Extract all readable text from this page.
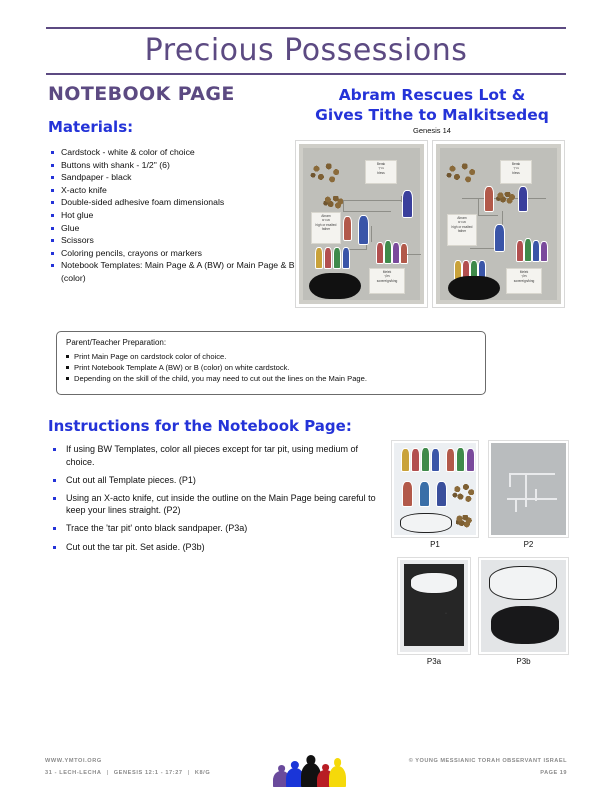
Precious Possessions
NOTEBOOK PAGE
Materials:
Cardstock - white & color of choice
Buttons with shank - 1/2" (6)
Sandpaper - black
X-acto knife
Double-sided adhesive foam dimensionals
Hot glue
Glue
Scissors
Coloring pencils, crayons or markers
Notebook Templates: Main Page & A (BW) or Main Page & B (color)
Abram Rescues Lot &
Gives Tithe to Malkitsedeq
Genesis 14
Berak
ברך
bless
Abram
אברם
high or exalted father
Melek
מלך
sovereign/king
Berak
ברך
bless
Abram
אברם
high or exalted father
Melek
מלך
sovereign/king
Parent/Teacher Preparation:
Print Main Page on cardstock color of choice.
Print Notebook Template A (BW) or B (color) on white cardstock.
Depending on the skill of the child, you may need to cut out the lines on the Main Page.
Instructions for the Notebook Page:
If using BW Templates, color all pieces except for tar pit, using medium of choice.
Cut out all Template pieces. (P1)
Using an X-acto knife, cut inside the outline on the Main Page being careful to keep your lines straight. (P2)
Trace the 'tar pit' onto black sandpaper. (P3a)
Cut out the tar pit. Set aside. (P3b)	P1	P2
P3a	P3b
WWW.YMTOI.ORG
31 - LECH-LECHA | GENESIS 12:1 - 17:27 | K8/G
© YOUNG MESSIANIC TORAH OBSERVANT ISRAEL
PAGE 19
